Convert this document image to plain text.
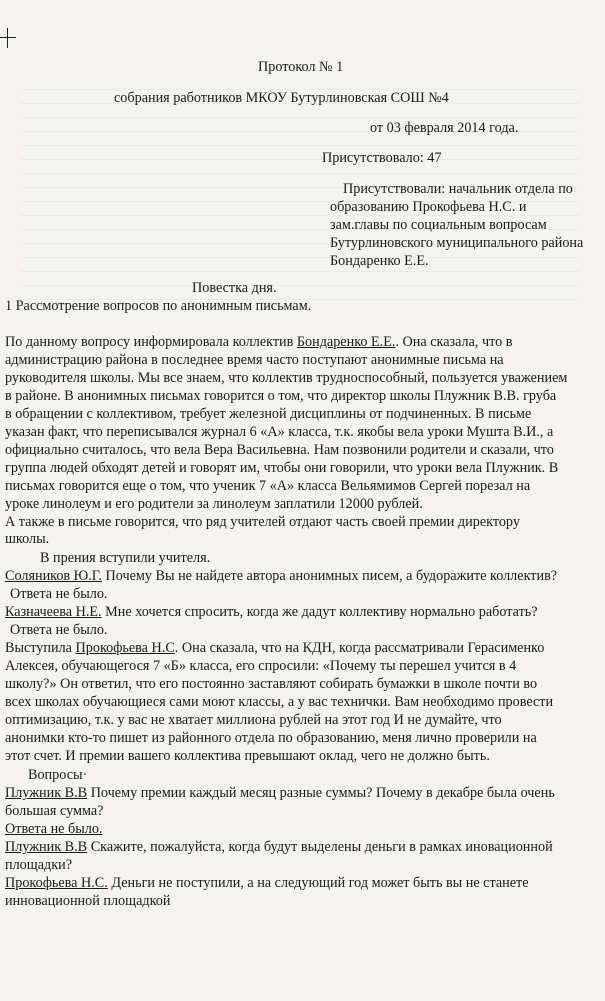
Протокол № 1
собрания работников МКОУ Бутурлиновская СОШ №4
от 03 февраля 2014 года.
Присутствовало: 47
Присутствовали: начальник отдела по
образованию Прокофьева Н.С. и
зам.главы по социальным вопросам
Бутурлиновского муниципального района
Бондаренко Е.Е.
Повестка дня.
1 Рассмотрение вопросов по анонимным письмам.
По данному вопросу информировала коллектив Бондаренко Е.Е.. Она сказала, что в
администрацию района в последнее время часто поступают анонимные письма на
руководителя школы. Мы все знаем, что коллектив трудноспособный, пользуется уважением
в районе. В анонимных письмах говорится о том, что директор школы Плужник В.В. груба
в обращении с коллективом, требует железной дисциплины от подчиненных. В письме
указан факт, что переписывался журнал 6 «А» класса, т.к. якобы вела уроки Мушта В.И., а
официально считалось, что вела Вера Васильевна. Нам позвонили родители и сказали, что
группа людей обходят детей и говорят им, чтобы они говорили, что уроки вела Плужник. В
письмах говорится еще о том, что ученик 7 «А» класса Вельямимов Сергей порезал на
уроке линолеум и его родители за линолеум заплатили 12000 рублей.
А также в письме говорится, что ряд учителей отдают часть своей премии директору
школы.
В прения вступили учителя.
Соляников Ю.Г. Почему Вы не найдете автора анонимных писем, а будоражите коллектив?
Ответа не было.
Казначеева Н.Е. Мне хочется спросить, когда же дадут коллективу нормально работать?
Ответа не было.
Выступила Прокофьева Н.С. Она сказала, что на КДН, когда рассматривали Герасименко
Алексея, обучающегося 7 «Б» класса, его спросили: «Почему ты перешел учится в 4
школу?» Он ответил, что его постоянно заставляют собирать бумажки в школе почти во
всех школах обучающиеся сами моют классы, а у вас технички. Вам необходимо провести
оптимизацию, т.к. у вас не хватает миллиона рублей на этот год И не думайте, что
анонимки кто-то пишет из районного отдела по образованию, меня лично проверили на
этот счет. И премии вашего коллектива превышают оклад, чего не должно быть.
Вопросы·
Плужник В.В Почему премии каждый месяц разные суммы? Почему в декабре была очень
большая сумма?
Ответа не было.
Плужник В.В Скажите, пожалуйста, когда будут выделены деньги в рамках иновационной
площадки?
Прокофьева Н.С. Деньги не поступили, а на следующий год может быть вы не станете
инновационной площадкой
